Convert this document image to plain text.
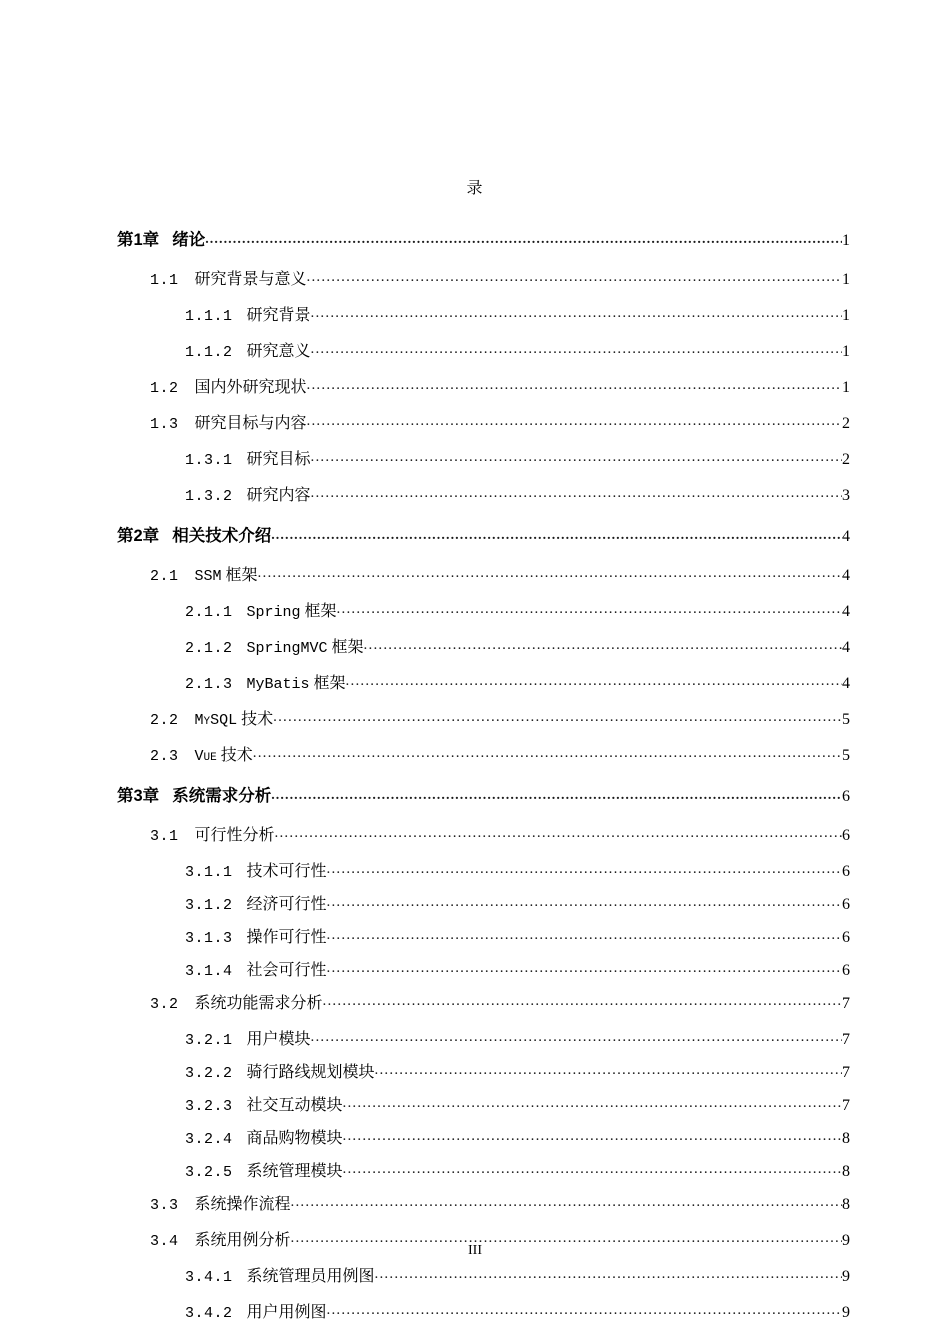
录
第1章 绪论 .....	1
1.1 研究背景与意义 .....	1
1.1.1 研究背景 .....	1
1.1.2 研究意义 .....	1
1.2 国内外研究现状 .....	1
1.3 研究目标与内容 .....	2
1.3.1 研究目标 .....	2
1.3.2 研究内容 .....	3
第2章 相关技术介绍 .....	4
2.1 SSM 框架 .....	4
2.1.1 Spring 框架 .....	4
2.1.2 SpringMVC 框架 .....	4
2.1.3 MyBatis 框架 .....	4
2.2 MySQL 技术 .....	5
2.3 Vue 技术 .....	5
第3章 系统需求分析 .....	6
3.1 可行性分析 .....	6
3.1.1 技术可行性 .....	6
3.1.2 经济可行性 .....	6
3.1.3 操作可行性 .....	6
3.1.4 社会可行性 .....	6
3.2 系统功能需求分析 .....	7
3.2.1 用户模块 .....	7
3.2.2 骑行路线规划模块 .....	7
3.2.3 社交互动模块 .....	7
3.2.4 商品购物模块 .....	8
3.2.5 系统管理模块 .....	8
3.3 系统操作流程 .....	8
3.4 系统用例分析 .....	9
3.4.1 系统管理员用例图 .....	9
3.4.2 用户用例图 .....	9
III
